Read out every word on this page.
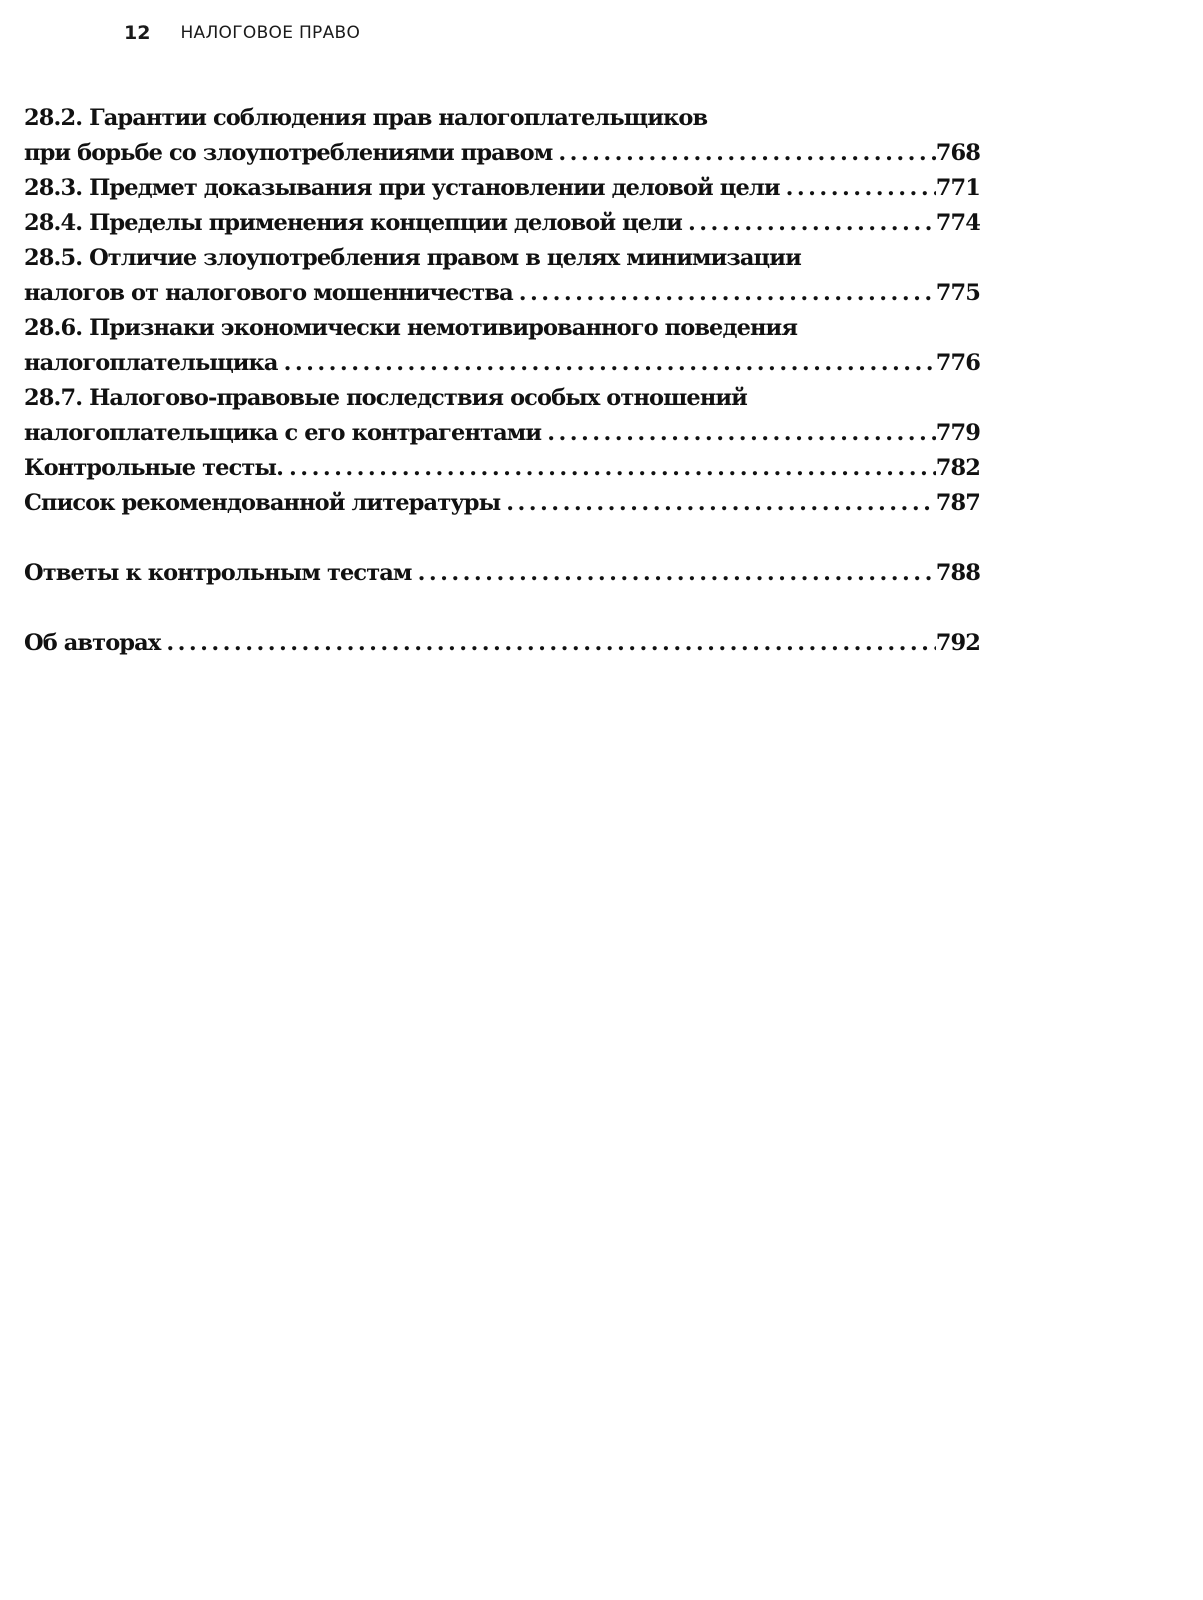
12 НАЛОГОВОЕ ПРАВО
28.2. Гарантии соблюдения прав налогоплательщиков
при борьбе со злоупотреблениями правом . . .	768
28.3. Предмет доказывания при установлении деловой цели . . .	771
28.4. Пределы применения концепции деловой цели . . .	774
28.5. Отличие злоупотребления правом в целях минимизации
налогов от налогового мошенничества . . .	775
28.6. Признаки экономически немотивированного поведения
налогоплательщика . . .	776
28.7. Налогово-правовые последствия особых отношений
налогоплательщика с его контрагентами . . .	779
Контрольные тесты. . . .	782
Список рекомендованной литературы . . .	787
Ответы к контрольным тестам . . .	788
Об авторах . . .	792
